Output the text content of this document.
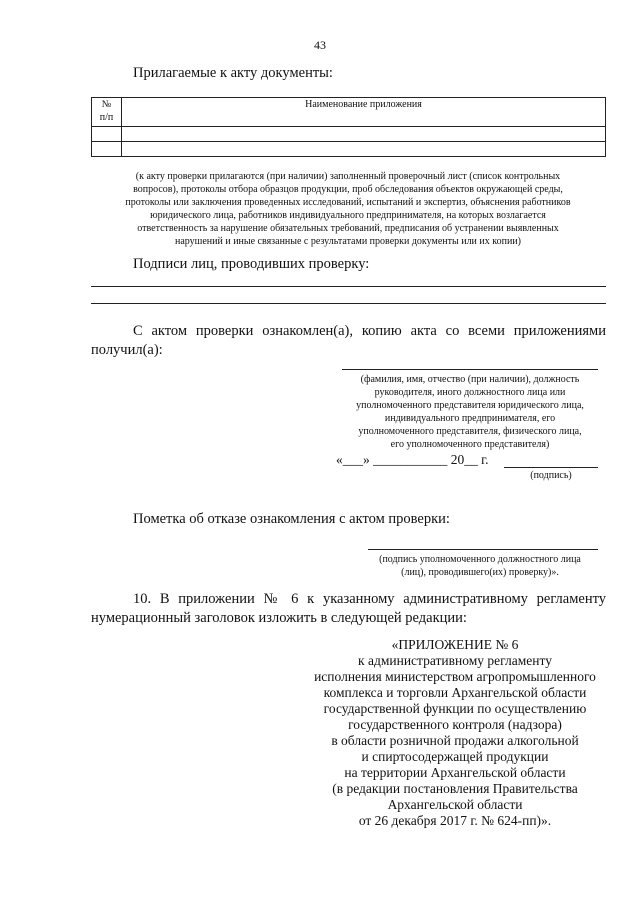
43
Прилагаемые к акту документы:
№
п/п	Наименование приложения

(к акту проверки прилагаются (при наличии) заполненный проверочный лист (список контрольных
вопросов), протоколы отбора образцов продукции, проб обследования объектов окружающей среды,
протоколы или заключения проведенных исследований, испытаний и экспертиз, объяснения работников
юридического лица, работников индивидуального предпринимателя, на которых возлагается
ответственность за нарушение обязательных требований, предписания об устранении выявленных
нарушений и иные связанные с результатами проверки документы или их копии)
Подписи лиц, проводивших проверку:
С актом проверки ознакомлен(а), копию акта со всеми приложениями получил(а):
(фамилия, имя, отчество (при наличии), должность
руководителя, иного должностного лица или
уполномоченного представителя юридического лица,
индивидуального предпринимателя, его
уполномоченного представителя, физического лица,
его уполномоченного представителя)
«___» ___________ 20__ г.
(подпись)
Пометка об отказе ознакомления с актом проверки:
(подпись уполномоченного должностного лица
(лиц), проводившего(их) проверку)».
10. В приложении № 6 к указанному административному регламенту нумерационный заголовок изложить в следующей редакции:
«ПРИЛОЖЕНИЕ № 6
к административному регламенту
исполнения министерством агропромышленного
комплекса и торговли Архангельской области
государственной функции по осуществлению
государственного контроля (надзора)
в области розничной продажи алкогольной
и спиртосодержащей продукции
на территории Архангельской области
(в редакции постановления Правительства
Архангельской области
от 26 декабря 2017 г. № 624-пп)».
